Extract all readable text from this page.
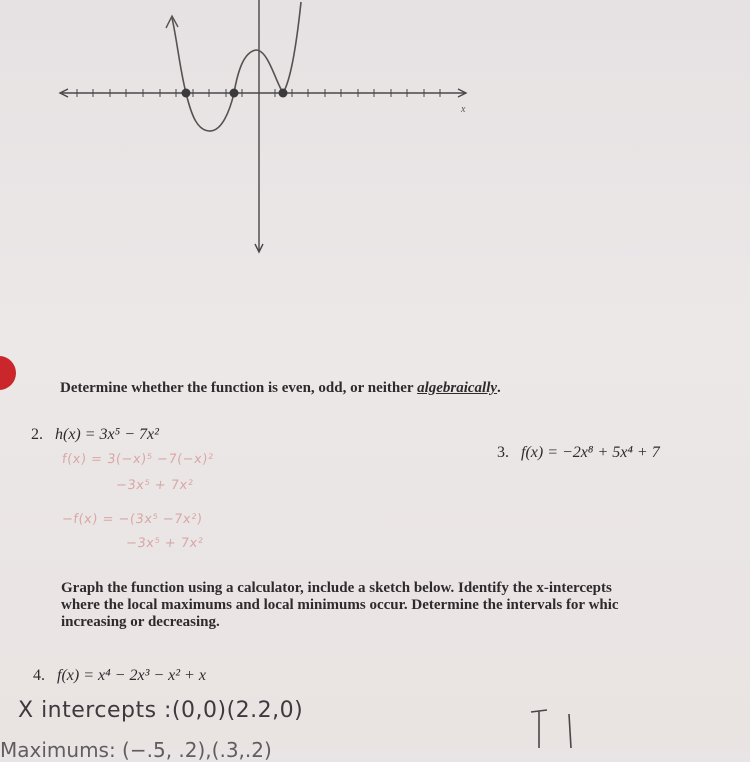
x
Determine whether the function is even, odd, or neither algebraically.
2. h(x) = 3x⁵ − 7x²
f(x) = 3(−x)⁵ −7(−x)²
−3x⁵ + 7x²
−f(x) = −(3x⁵ −7x²)
−3x⁵ + 7x²
3. f(x) = −2x⁸ + 5x⁴ + 7
Graph the function using a calculator, include a sketch below. Identify the x-intercepts
where the local maximums and local minimums occur. Determine the intervals for whic
increasing or decreasing.
4. f(x) = x⁴ − 2x³ − x² + x
X intercepts :(0,0)(2.2,0)
Maximums: (−.5, .2),(.3,.2)
